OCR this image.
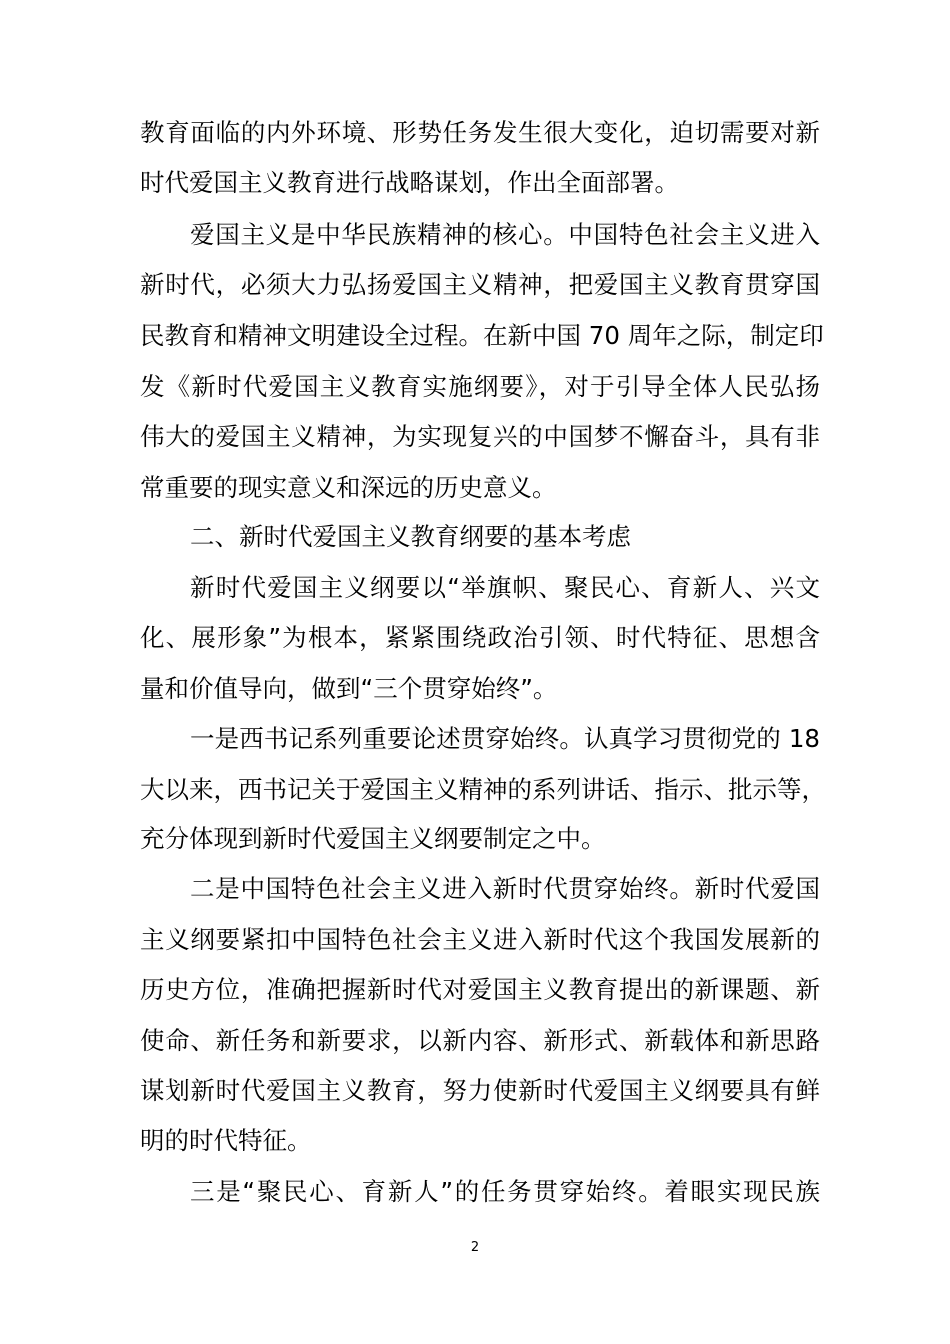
教育面临的内外环境、形势任务发生很大变化，迫切需要对新
时代爱国主义教育进行战略谋划，作出全面部署。
爱国主义是中华民族精神的核心。中国特色社会主义进入
新时代，必须大力弘扬爱国主义精神，把爱国主义教育贯穿国
民教育和精神文明建设全过程。在新中国 70 周年之际，制定印
发《新时代爱国主义教育实施纲要》，对于引导全体人民弘扬
伟大的爱国主义精神，为实现复兴的中国梦不懈奋斗，具有非
常重要的现实意义和深远的历史意义。
二、新时代爱国主义教育纲要的基本考虑
新时代爱国主义纲要以“举旗帜、聚民心、育新人、兴文
化、展形象”为根本，紧紧围绕政治引领、时代特征、思想含
量和价值导向，做到“三个贯穿始终”。
一是西书记系列重要论述贯穿始终。认真学习贯彻党的 18
大以来，西书记关于爱国主义精神的系列讲话、指示、批示等，
充分体现到新时代爱国主义纲要制定之中。
二是中国特色社会主义进入新时代贯穿始终。新时代爱国
主义纲要紧扣中国特色社会主义进入新时代这个我国发展新的
历史方位，准确把握新时代对爱国主义教育提出的新课题、新
使命、新任务和新要求，以新内容、新形式、新载体和新思路
谋划新时代爱国主义教育，努力使新时代爱国主义纲要具有鲜
明的时代特征。
三是“聚民心、育新人”的任务贯穿始终。着眼实现民族
2
